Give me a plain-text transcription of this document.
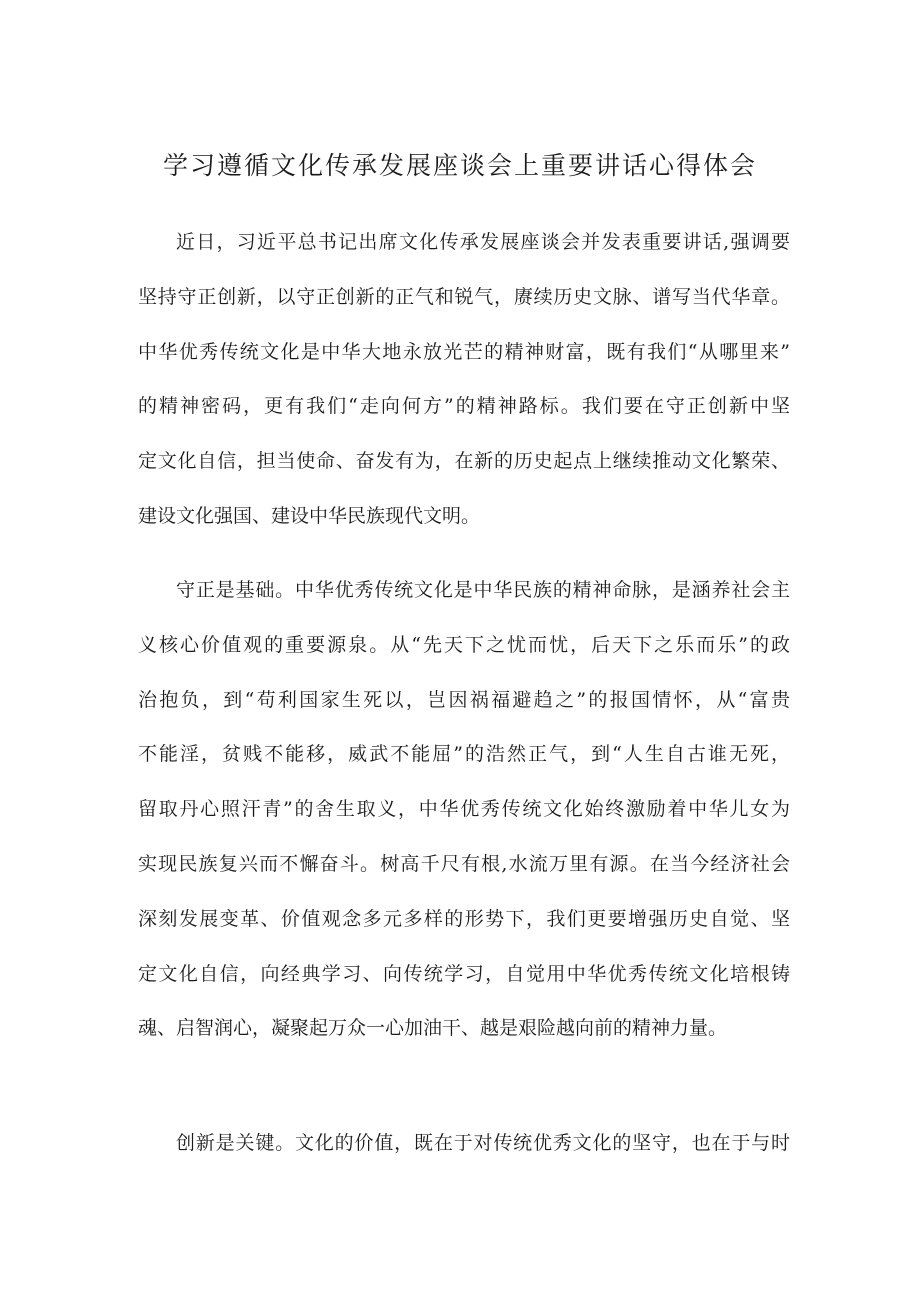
学习遵循文化传承发展座谈会上重要讲话心得体会
近日，习近平总书记出席文化传承发展座谈会并发表重要讲话,强调要
坚持守正创新，以守正创新的正气和锐气，赓续历史文脉、谱写当代华章。
中华优秀传统文化是中华大地永放光芒的精神财富，既有我们“从哪里来”
的精神密码，更有我们“走向何方”的精神路标。我们要在守正创新中坚
定文化自信，担当使命、奋发有为，在新的历史起点上继续推动文化繁荣、
建设文化强国、建设中华民族现代文明。
守正是基础。中华优秀传统文化是中华民族的精神命脉，是涵养社会主
义核心价值观的重要源泉。从“先天下之忧而忧，后天下之乐而乐”的政
治抱负，到“苟利国家生死以，岂因祸福避趋之”的报国情怀，从“富贵
不能淫，贫贱不能移，威武不能屈”的浩然正气，到“人生自古谁无死，
留取丹心照汗青”的舍生取义，中华优秀传统文化始终激励着中华儿女为
实现民族复兴而不懈奋斗。树高千尺有根,水流万里有源。在当今经济社会
深刻发展变革、价值观念多元多样的形势下，我们更要增强历史自觉、坚
定文化自信，向经典学习、向传统学习，自觉用中华优秀传统文化培根铸
魂、启智润心，凝聚起万众一心加油干、越是艰险越向前的精神力量。
创新是关键。文化的价值，既在于对传统优秀文化的坚守，也在于与时
